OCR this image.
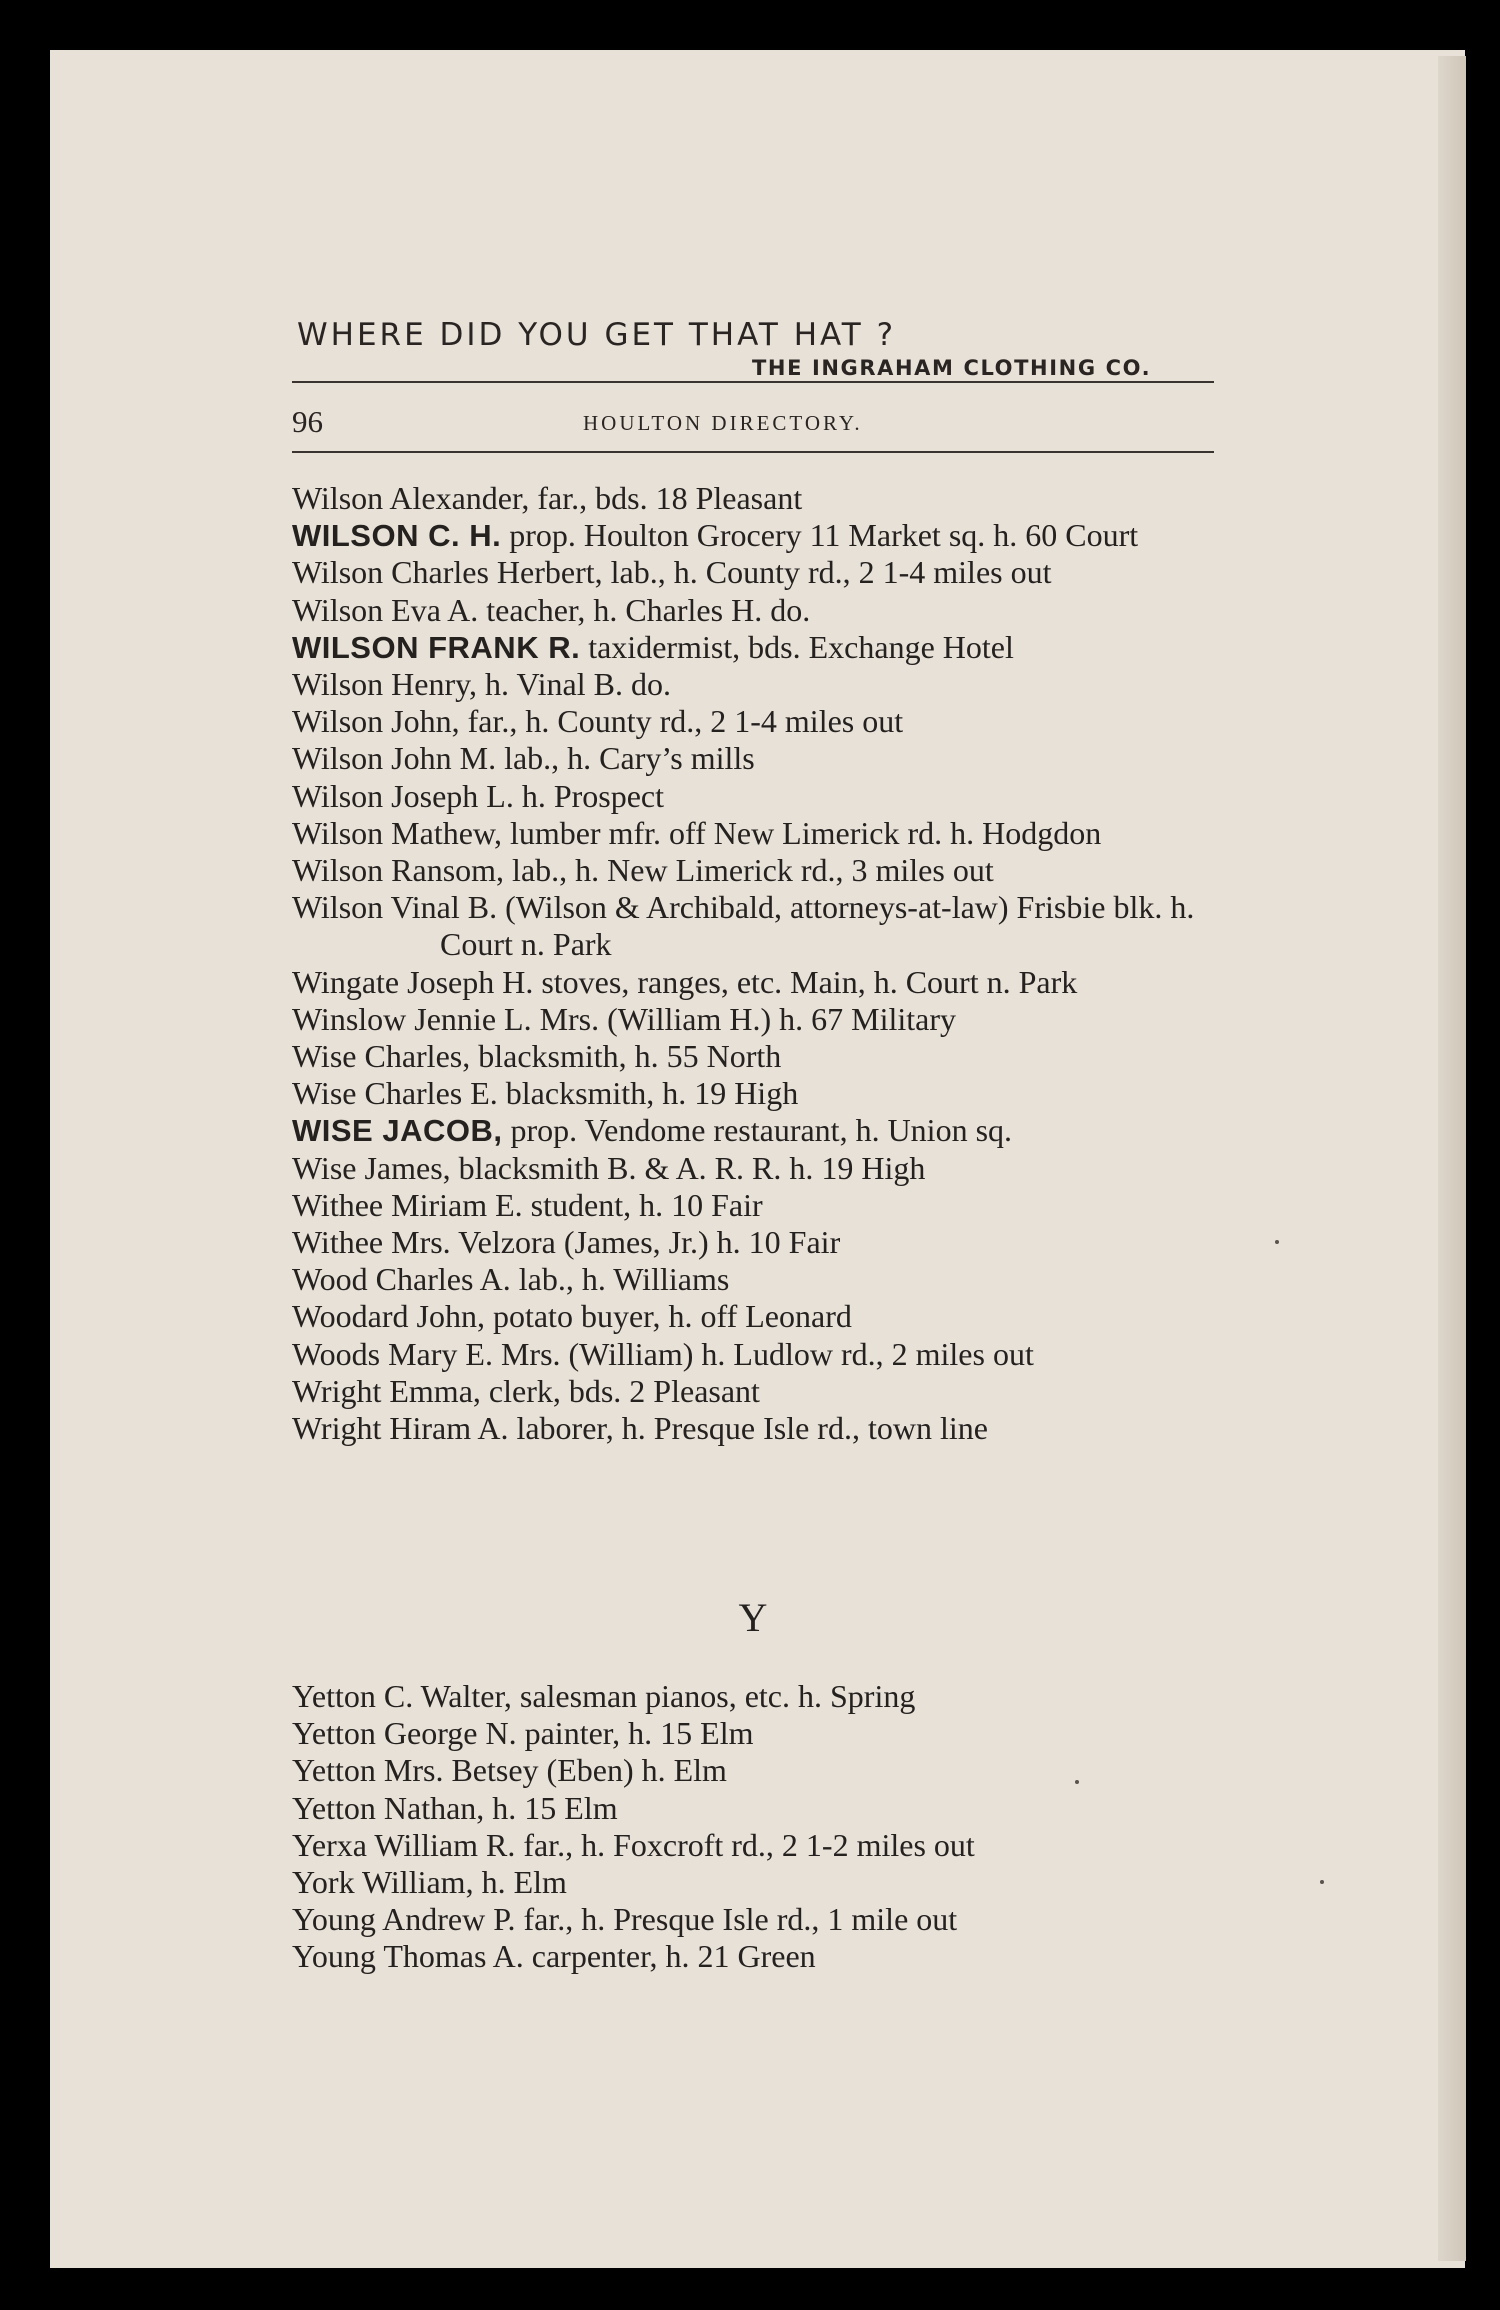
WHERE DID YOU GET THAT HAT ?
THE INGRAHAM CLOTHING CO.
96	HOULTON DIRECTORY.
Wilson Alexander, far., bds. 18 Pleasant
WILSON C. H. prop. Houlton Grocery 11 Market sq. h. 60 Court
Wilson Charles Herbert, lab., h. County rd., 2 1-4 miles out
Wilson Eva A. teacher, h. Charles H. do.
WILSON FRANK R. taxidermist, bds. Exchange Hotel
Wilson Henry, h. Vinal B. do.
Wilson John, far., h. County rd., 2 1-4 miles out
Wilson John M. lab., h. Cary’s mills
Wilson Joseph L. h. Prospect
Wilson Mathew, lumber mfr. off New Limerick rd. h. Hodgdon
Wilson Ransom, lab., h. New Limerick rd., 3 miles out
Wilson Vinal B. (Wilson & Archibald, attorneys-at-law) Frisbie blk. h. Court n. Park
Wingate Joseph H. stoves, ranges, etc. Main, h. Court n. Park
Winslow Jennie L. Mrs. (William H.) h. 67 Military
Wise Charles, blacksmith, h. 55 North
Wise Charles E. blacksmith, h. 19 High
WISE JACOB, prop. Vendome restaurant, h. Union sq.
Wise James, blacksmith B. & A. R. R. h. 19 High
Withee Miriam E. student, h. 10 Fair
Withee Mrs. Velzora (James, Jr.) h. 10 Fair
Wood Charles A. lab., h. Williams
Woodard John, potato buyer, h. off Leonard
Woods Mary E. Mrs. (William) h. Ludlow rd., 2 miles out
Wright Emma, clerk, bds. 2 Pleasant
Wright Hiram A. laborer, h. Presque Isle rd., town line
Y
Yetton C. Walter, salesman pianos, etc. h. Spring
Yetton George N. painter, h. 15 Elm
Yetton Mrs. Betsey (Eben) h. Elm
Yetton Nathan, h. 15 Elm
Yerxa William R. far., h. Foxcroft rd., 2 1-2 miles out
York William, h. Elm
Young Andrew P. far., h. Presque Isle rd., 1 mile out
Young Thomas A. carpenter, h. 21 Green
